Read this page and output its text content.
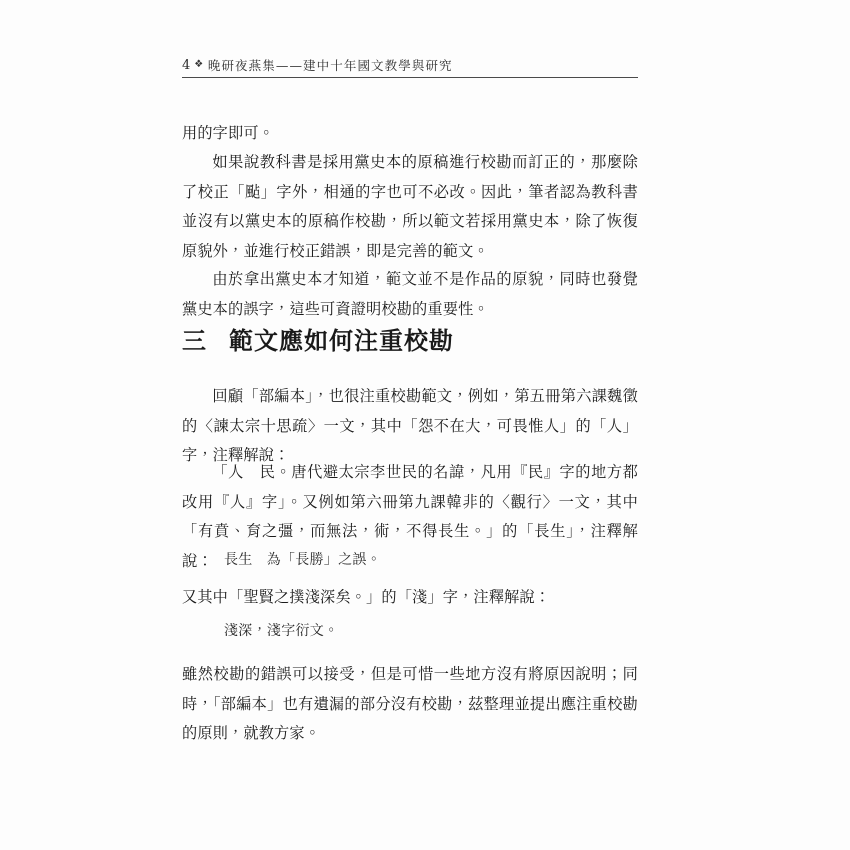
4 ❖ 晚研夜燕集——建中十年國文教學與研究

用的字即可。

如果說教科書是採用黨史本的原稿進行校勘而訂正的，那麼除了校正「颭」字外，相通的字也可不必改。因此，筆者認為教科書並沒有以黨史本的原稿作校勘，所以範文若採用黨史本，除了恢復原貌外，並進行校正錯誤，即是完善的範文。

由於拿出黨史本才知道，範文並不是作品的原貌，同時也發覺黨史本的誤字，這些可資證明校勘的重要性。

三 範文應如何注重校勘

回顧「部編本」，也很注重校勘範文，例如，第五冊第六課魏徵的〈諫太宗十思疏〉一文，其中「怨不在大，可畏惟人」的「人」字，注釋解說：

「人　民。唐代避太宗李世民的名諱，凡用『民』字的地方都改用『人』字」。又例如第六冊第九課韓非的〈觀行〉一文，其中「有賁、育之彊，而無法，術，不得長生。」的「長生」，注釋解說： 長生 為「長勝」之誤。

又其中「聖賢之撲淺深矣。」的「淺」字，注釋解說：

淺深，淺字衍文。

雖然校勘的錯誤可以接受，但是可惜一些地方沒有將原因說明；同時，「部編本」也有遺漏的部分沒有校勘，茲整理並提出應注重校勘的原則，就教方家。
